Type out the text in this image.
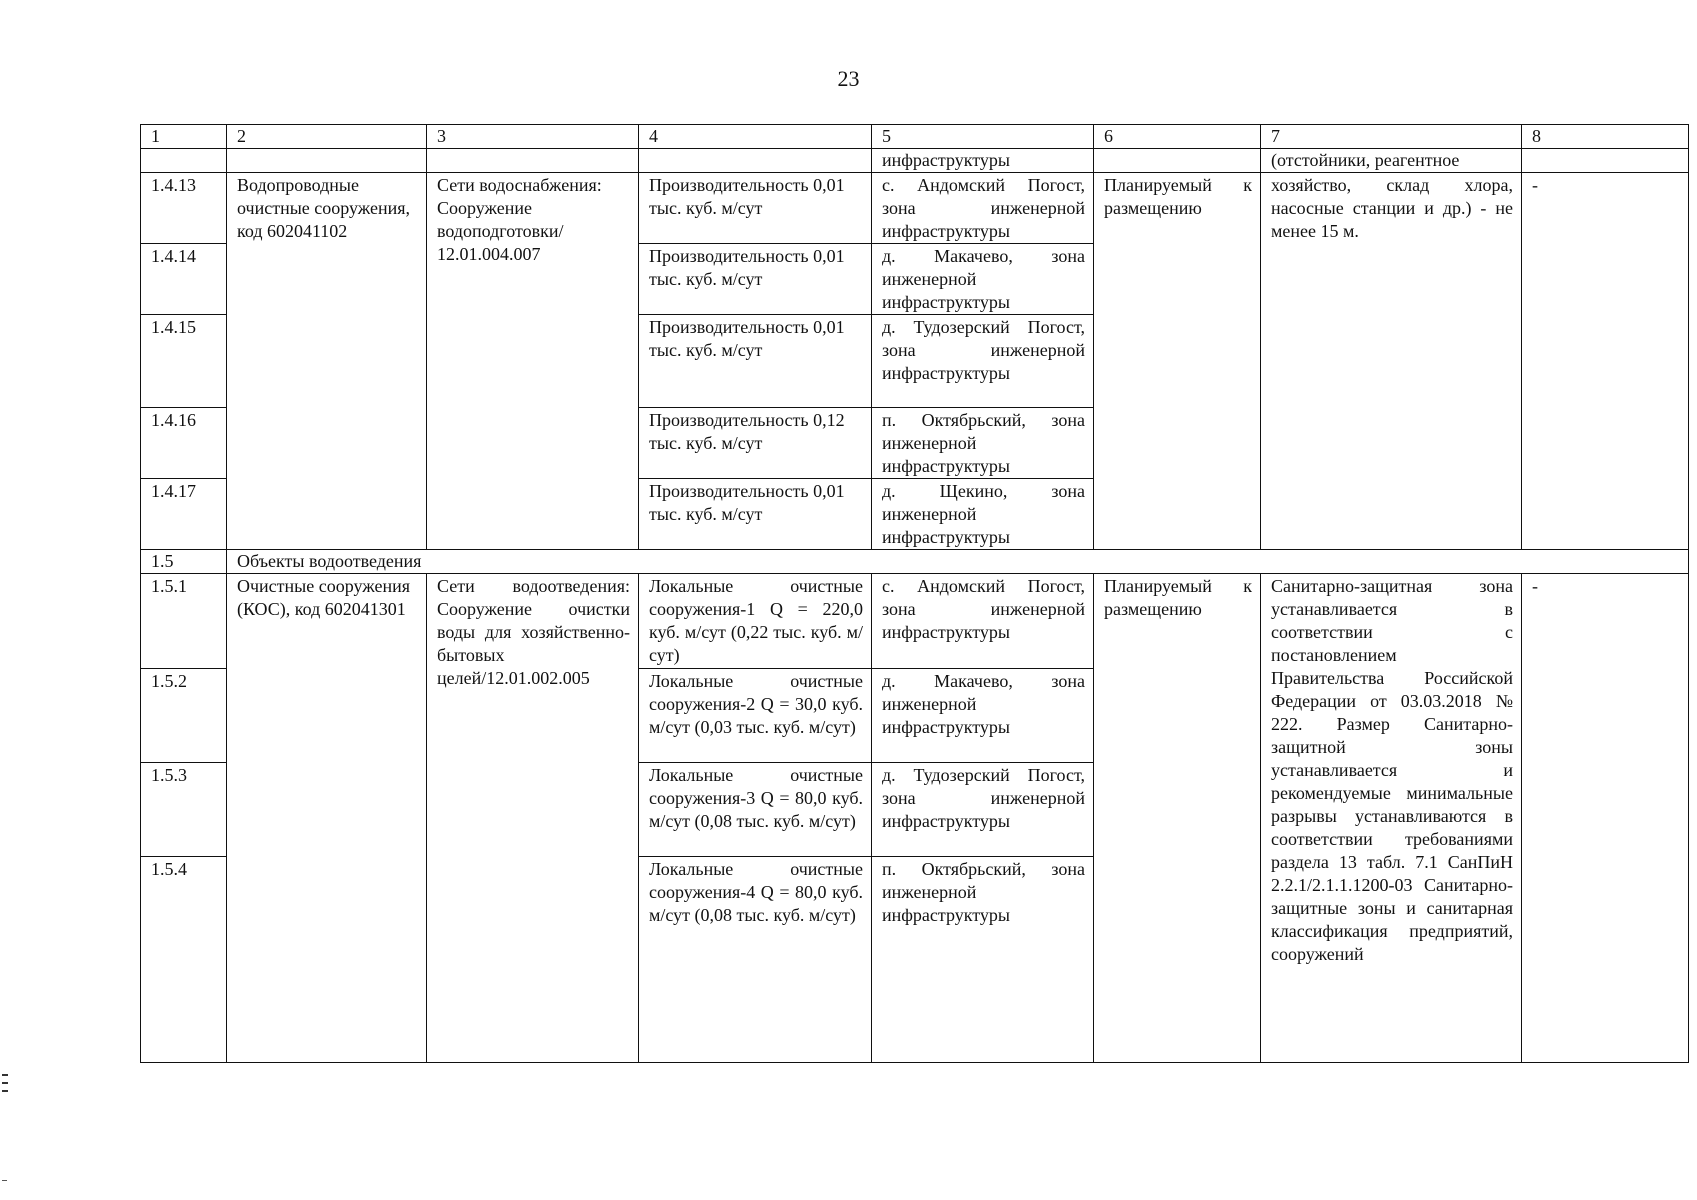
23
1	2	3	4	5	6	7	8
				инфраструктуры		(отстойники, реагентное	
1.4.13	Водопроводные очистные сооружения, код 602041102	Сети водоснабжения: Сооружение водоподготовки/ 12.01.004.007	Производительность 0,01 тыс. куб. м/сут	с. Андомский Погост, зона инженерной инфраструктуры	Планируемый к размещению	хозяйство, склад хлора, насосные станции и др.) - не менее 15 м.	-
1.4.14			Производительность 0,01 тыс. куб. м/сут	д. Макачево, зона инженерной инфраструктуры			
1.4.15			Производительность 0,01 тыс. куб. м/сут	д. Тудозерский Погост, зона инженерной инфраструктуры			
1.4.16			Производительность 0,12 тыс. куб. м/сут	п. Октябрьский, зона инженерной инфраструктуры			
1.4.17			Производительность 0,01 тыс. куб. м/сут	д. Щекино, зона инженерной инфраструктуры			
1.5	Объекты водоотведения						
1.5.1	Очистные сооружения (КОС), код 602041301	Сети водоотведения: Сооружение очистки воды для хозяйственно-бытовых целей/12.01.002.005	Локальные очистные сооружения-1 Q = 220,0 куб. м/сут (0,22 тыс. куб. м/сут)	с. Андомский Погост, зона инженерной инфраструктуры	Планируемый к размещению	Санитарно-защитная зона устанавливается в соответствии с постановлением Правительства Российской Федерации от 03.03.2018 № 222. Размер Санитарно-защитной зоны устанавливается и рекомендуемые минимальные разрывы устанавливаются в соответствии требованиями раздела 13 табл. 7.1 СанПиН 2.2.1/2.1.1.1200-03 Санитарно-защитные зоны и санитарная классификация предприятий, сооружений	-
1.5.2			Локальные очистные сооружения-2 Q = 30,0 куб. м/сут (0,03 тыс. куб. м/сут)	д. Макачево, зона инженерной инфраструктуры			
1.5.3			Локальные очистные сооружения-3 Q = 80,0 куб. м/сут (0,08 тыс. куб. м/сут)	д. Тудозерский Погост, зона инженерной инфраструктуры			
1.5.4			Локальные очистные сооружения-4 Q = 80,0 куб. м/сут (0,08 тыс. куб. м/сут)	п. Октябрьский, зона инженерной инфраструктуры			
